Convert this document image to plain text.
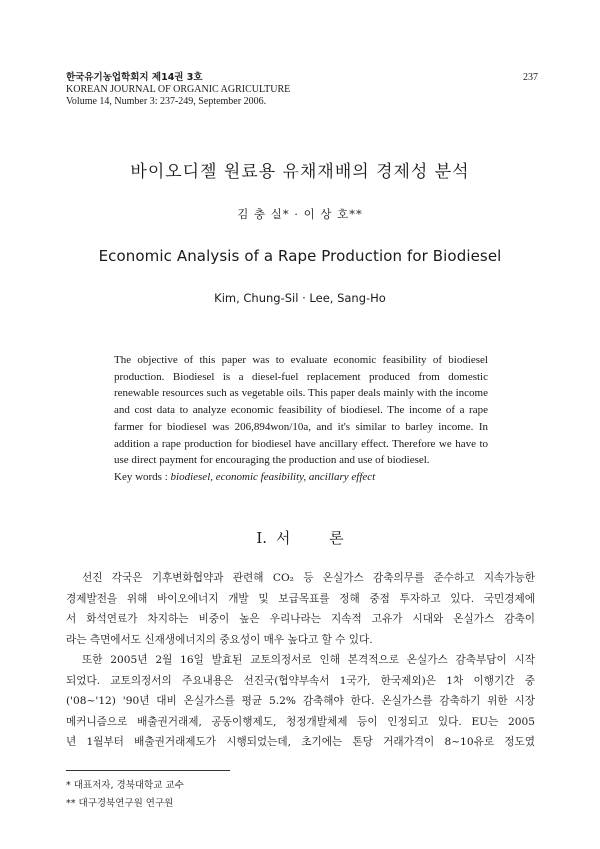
한국유기농업학회지 제14권 3호
KOREAN JOURNAL OF ORGANIC AGRICULTURE
Volume 14, Number 3: 237-249, September 2006.
237
바이오디젤 원료용 유채재배의 경제성 분석
김 충 실* · 이 상 호**
Economic Analysis of a Rape Production for Biodiesel
Kim, Chung-Sil · Lee, Sang-Ho
The objective of this paper was to evaluate economic feasibility of biodiesel production. Biodiesel is a diesel-fuel replacement produced from domestic renewable resources such as vegetable oils. This paper deals mainly with the income and cost data to analyze economic feasibility of biodiesel. The income of a rape farmer for biodiesel was 206,894won/10a, and it's similar to barley income. In addition a rape production for biodiesel have ancillary effect. Therefore we have to use direct payment for encouraging the production and use of biodiesel.
Key words : biodiesel, economic feasibility, ancillary effect
I. 서	론
선진 각국은 기후변화협약과 관련해 CO₂ 등 온실가스 감축의무를 준수하고 지속가능한
경제발전을 위해 바이오에너지 개발 및 보급목표를 정해 중점 투자하고 있다. 국민경제에
서 화석연료가 차지하는 비중이 높은 우리나라는 지속적 고유가 시대와 온실가스 감축이
라는 측면에서도 신재생에너지의 중요성이 매우 높다고 할 수 있다.
또한 2005년 2월 16일 발효된 교토의정서로 인해 본격적으로 온실가스 감축부담이 시작
되었다. 교토의정서의 주요내용은 선진국(협약부속서 1국가, 한국제외)은 1차 이행기간 중
('08~'12) '90년 대비 온실가스를 평균 5.2% 감축해야 한다. 온실가스를 감축하기 위한 시장
메커니즘으로 배출권거래제, 공동이행제도, 청정개발체제 등이 인정되고 있다. EU는 2005
년 1월부터 배출권거래제도가 시행되었는데, 초기에는 톤당 거래가격이 8~10유로 정도였
* 대표저자, 경북대학교 교수
** 대구경북연구원 연구원
